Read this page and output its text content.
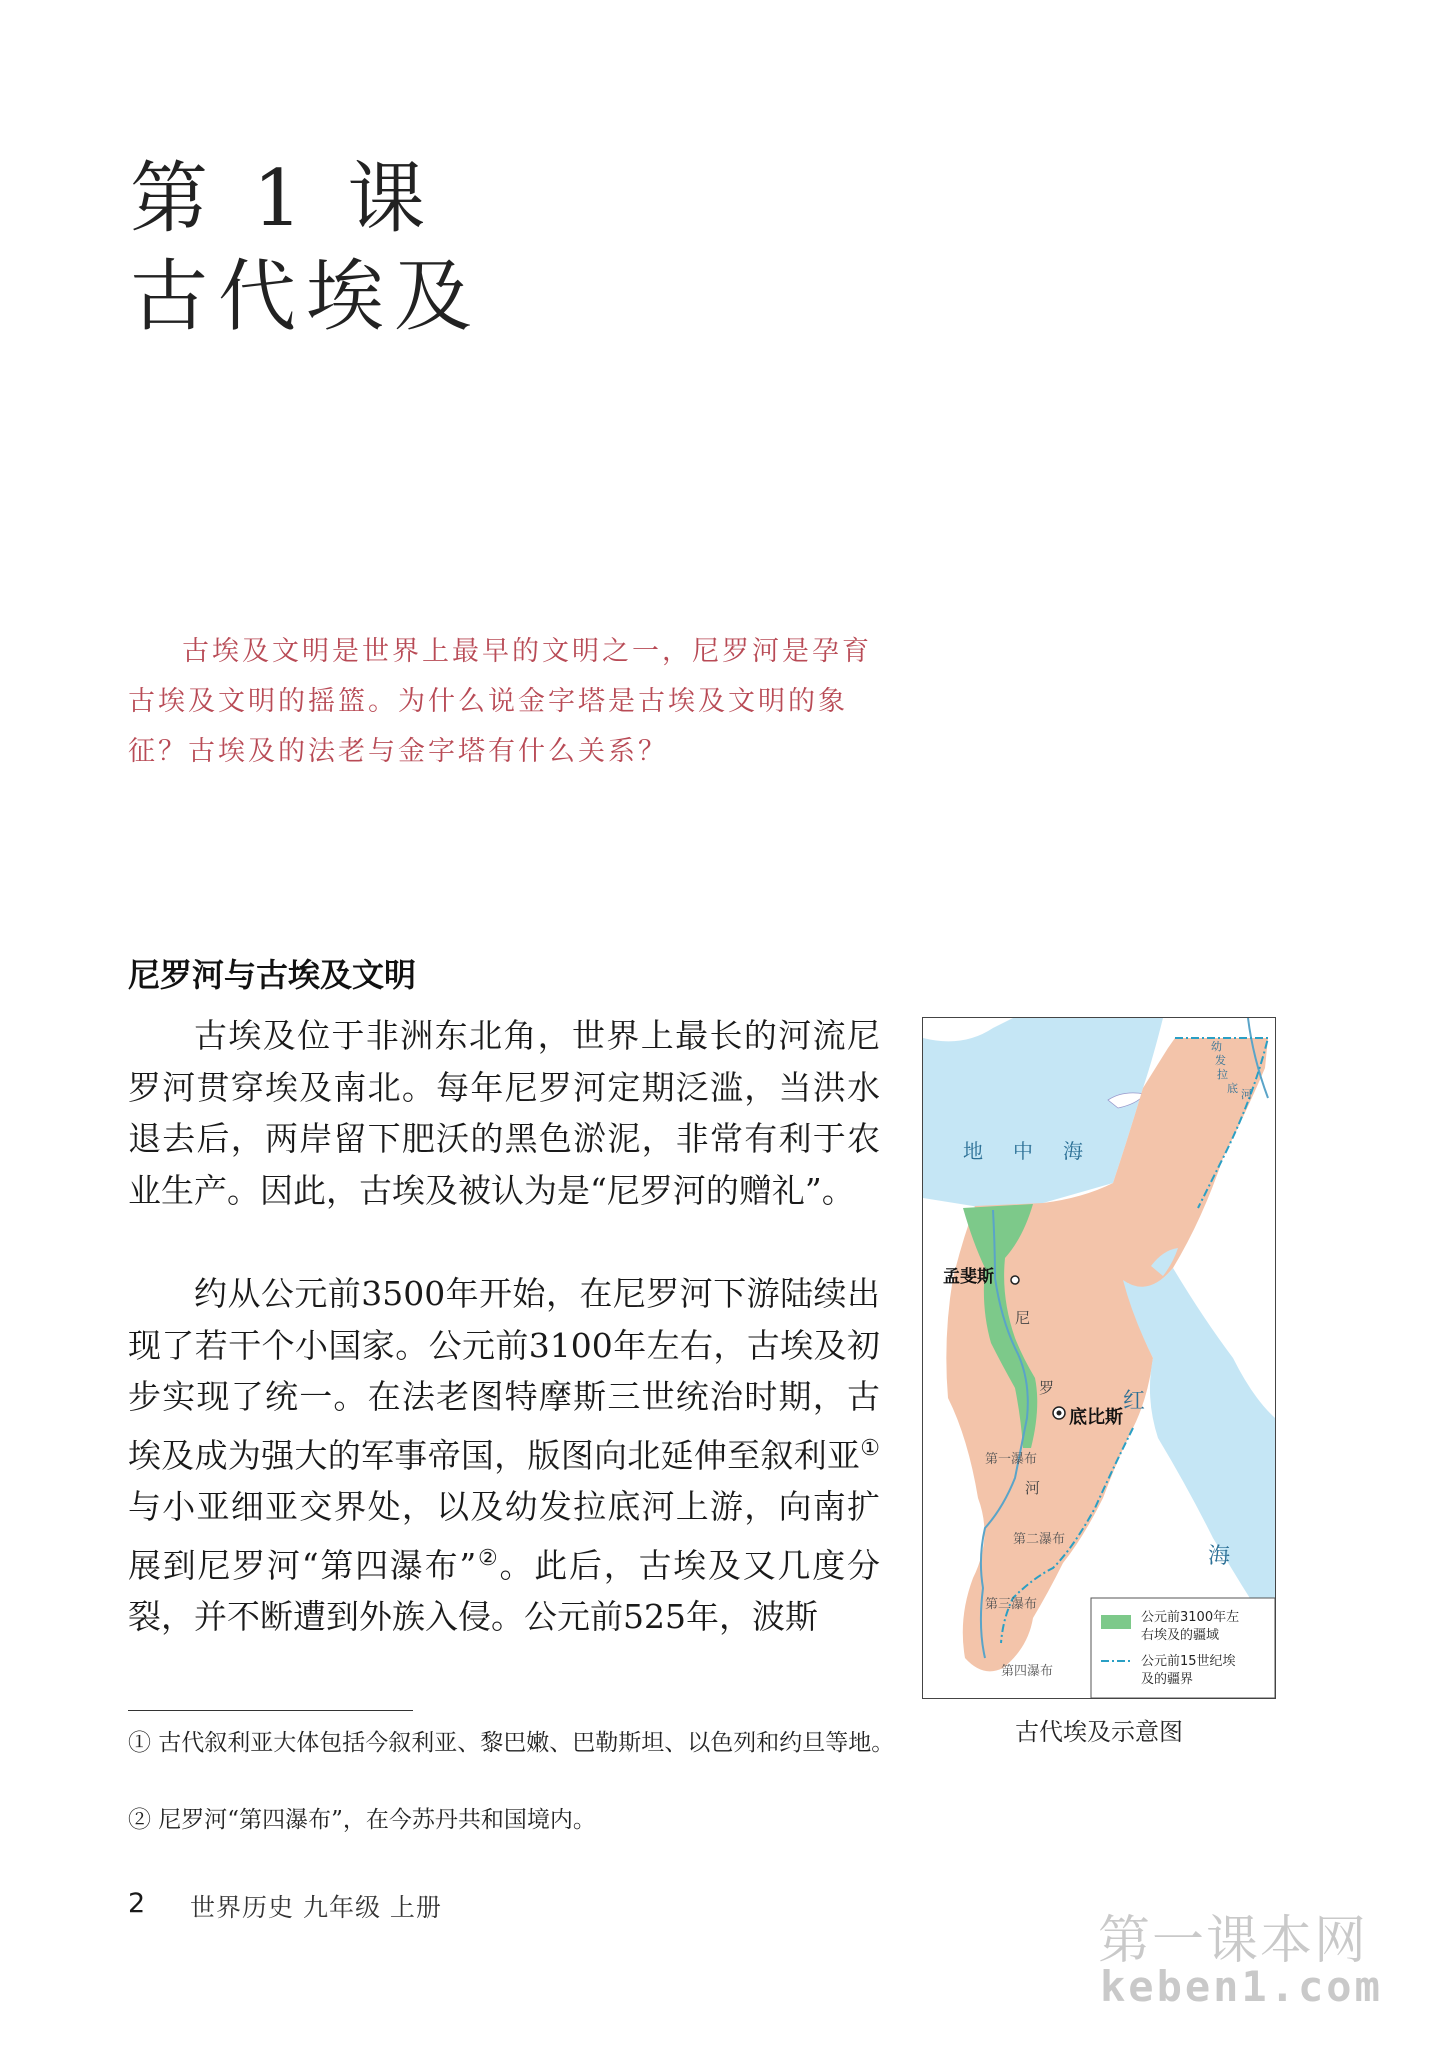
第 1 课
古代埃及
古埃及文明是世界上最早的文明之一，尼罗河是孕育古埃及文明的摇篮。为什么说金字塔是古埃及文明的象征？古埃及的法老与金字塔有什么关系？
尼罗河与古埃及文明
古埃及位于非洲东北角，世界上最长的河流尼罗河贯穿埃及南北。每年尼罗河定期泛滥，当洪水退去后，两岸留下肥沃的黑色淤泥，非常有利于农业生产。因此，古埃及被认为是“尼罗河的赠礼”。
约从公元前3500年开始，在尼罗河下游陆续出现了若干个小国家。公元前3100年左右，古埃及初步实现了统一。在法老图特摩斯三世统治时期，古埃及成为强大的军事帝国，版图向北延伸至叙利亚①与小亚细亚交界处，以及幼发拉底河上游，向南扩展到尼罗河“第四瀑布”②。此后，古埃及又几度分裂，并不断遭到外族入侵。公元前525年，波斯
地 中 海
红
海
幼
发
拉
底 河
尼
罗
河
孟斐斯
底比斯
第一瀑布
第二瀑布
第三瀑布
第四瀑布
公元前3100年左
右埃及的疆域
公元前15世纪埃
及的疆界
古代埃及示意图
① 古代叙利亚大体包括今叙利亚、黎巴嫩、巴勒斯坦、以色列和约旦等地。
② 尼罗河“第四瀑布”，在今苏丹共和国境内。
2 世界历史 九年级 上册
第一课本网
keben1.com
